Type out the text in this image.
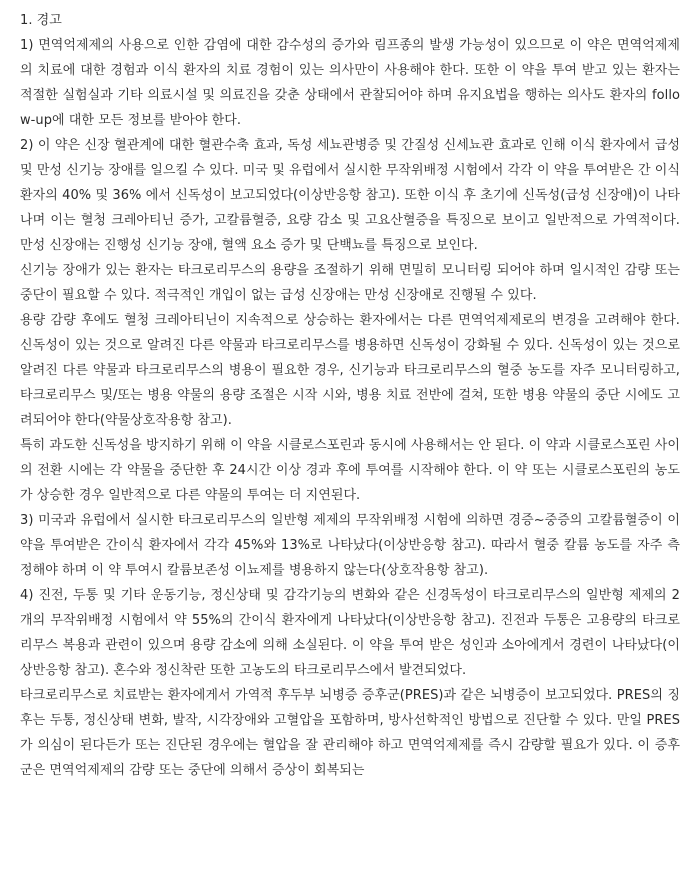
1. 경고

1) 면역억제제의 사용으로 인한 감염에 대한 감수성의 증가와 림프종의 발생 가능성이 있으므로 이 약은 면역억제제의 치료에 대한 경험과 이식 환자의 치료 경험이 있는 의사만이 사용해야 한다. 또한 이 약을 투여 받고 있는 환자는 적절한 실험실과 기타 의료시설 및 의료진을 갖춘 상태에서 관찰되어야 하며 유지요법을 행하는 의사도 환자의 follow-up에 대한 모든 정보를 받아야 한다.

2) 이 약은 신장 혈관계에 대한 혈관수축 효과, 독성 세뇨관병증 및 간질성 신세뇨관 효과로 인해 이식 환자에서 급성 및 만성 신기능 장애를 일으킬 수 있다. 미국 및 유럽에서 실시한 무작위배정 시험에서 각각 이 약을 투여받은 간 이식 환자의 40% 및 36% 에서 신독성이 보고되었다(이상반응항 참고). 또한 이식 후 초기에 신독성(급성 신장애)이 나타나며 이는 혈청 크레아티닌 증가, 고칼륨혈증, 요량 감소 및 고요산혈증을 특징으로 보이고 일반적으로 가역적이다. 만성 신장애는 진행성 신기능 장애, 혈액 요소 증가 및 단백뇨를 특징으로 보인다.

신기능 장애가 있는 환자는 타크로리무스의 용량을 조절하기 위해 면밀히 모니터링 되어야 하며 일시적인 감량 또는 중단이 필요할 수 있다. 적극적인 개입이 없는 급성 신장애는 만성 신장애로 진행될 수 있다.

용량 감량 후에도 혈청 크레아티닌이 지속적으로 상승하는 환자에서는 다른 면역억제제로의 변경을 고려해야 한다. 신독성이 있는 것으로 알려진 다른 약물과 타크로리무스를 병용하면 신독성이 강화될 수 있다. 신독성이 있는 것으로 알려진 다른 약물과 타크로리무스의 병용이 필요한 경우, 신기능과 타크로리무스의 혈중 농도를 자주 모니터링하고, 타크로리무스 및/또는 병용 약물의 용량 조절은 시작 시와, 병용 치료 전반에 걸쳐, 또한 병용 약물의 중단 시에도 고려되어야 한다(약물상호작용항 참고).

특히 과도한 신독성을 방지하기 위해 이 약을 시클로스포린과 동시에 사용해서는 안 된다. 이 약과 시클로스포린 사이의 전환 시에는 각 약물을 중단한 후 24시간 이상 경과 후에 투여를 시작해야 한다. 이 약 또는 시클로스포린의 농도가 상승한 경우 일반적으로 다른 약물의 투여는 더 지연된다.

3) 미국과 유럽에서 실시한 타크로리무스의 일반형 제제의 무작위배정 시험에 의하면 경증~중증의 고칼륨혈증이 이 약을 투여받은 간이식 환자에서 각각 45%와 13%로 나타났다(이상반응항 참고). 따라서 혈중 칼륨 농도를 자주 측정해야 하며 이 약 투여시 칼륨보존성 이뇨제를 병용하지 않는다(상호작용항 참고).

4) 진전, 두통 및 기타 운동기능, 정신상태 및 감각기능의 변화와 같은 신경독성이 타크로리무스의 일반형 제제의 2 개의 무작위배정 시험에서 약 55%의 간이식 환자에게 나타났다(이상반응항 참고). 진전과 두통은 고용량의 타크로리무스 복용과 관련이 있으며 용량 감소에 의해 소실된다. 이 약을 투여 받은 성인과 소아에게서 경련이 나타났다(이상반응항 참고). 혼수와 정신착란 또한 고농도의 타크로리무스에서 발견되었다.

타크로리무스로 치료받는 환자에게서 가역적 후두부 뇌병증 증후군(PRES)과 같은 뇌병증이 보고되었다. PRES의 징후는 두통, 정신상태 변화, 발작, 시각장애와 고혈압을 포함하며, 방사선학적인 방법으로 진단할 수 있다. 만일 PRES가 의심이 된다든가 또는 진단된 경우에는 혈압을 잘 관리해야 하고 면역억제제를 즉시 감량할 필요가 있다. 이 증후군은 면역억제제의 감량 또는 중단에 의해서 증상이 회복되는
